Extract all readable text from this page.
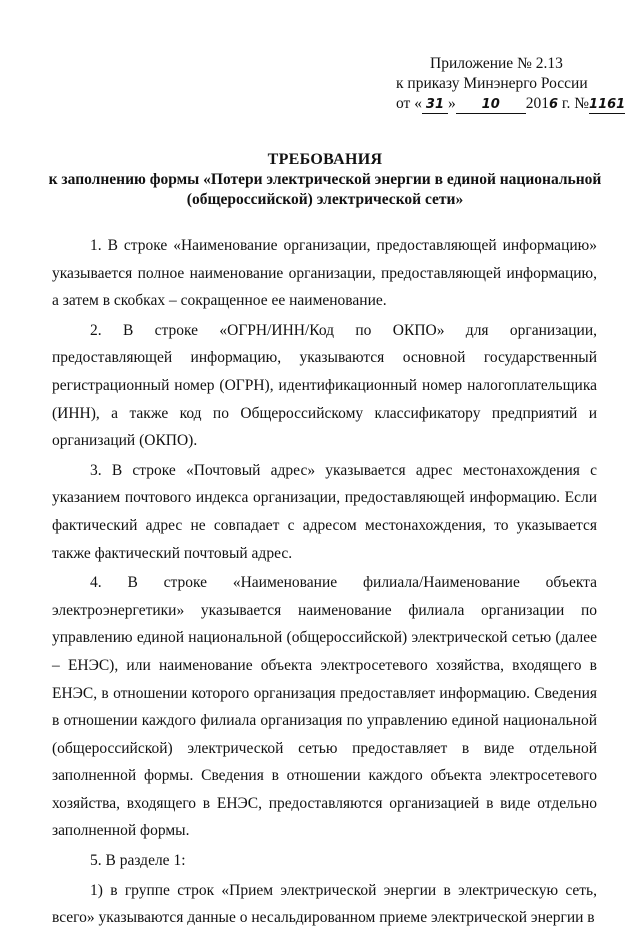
Приложение № 2.13
к приказу Минэнерго России
от « 31 » 10 2016 г. №1161
ТРЕБОВАНИЯ
к заполнению формы «Потери электрической энергии в единой национальной
(общероссийской) электрической сети»

1. В строке «Наименование организации, предоставляющей информацию» указывается полное наименование организации, предоставляющей информацию, а затем в скобках – сокращенное ее наименование.

2. В строке «ОГРН/ИНН/Код по ОКПО» для организации, предоставляющей информацию, указываются основной государственный регистрационный номер (ОГРН), идентификационный номер налогоплательщика (ИНН), а также код по Общероссийскому классификатору предприятий и организаций (ОКПО).

3. В строке «Почтовый адрес» указывается адрес местонахождения с указанием почтового индекса организации, предоставляющей информацию. Если фактический адрес не совпадает с адресом местонахождения, то указывается также фактический почтовый адрес.

4. В строке «Наименование филиала/Наименование объекта электроэнергетики» указывается наименование филиала организации по управлению единой национальной (общероссийской) электрической сетью (далее – ЕНЭС), или наименование объекта электросетевого хозяйства, входящего в ЕНЭС, в отношении которого организация предоставляет информацию. Сведения в отношении каждого филиала организация по управлению единой национальной (общероссийской) электрической сетью предоставляет в виде отдельной заполненной формы. Сведения в отношении каждого объекта электросетевого хозяйства, входящего в ЕНЭС, предоставляются организацией в виде отдельно заполненной формы.

5. В разделе 1:

1) в группе строк «Прием электрической энергии в электрическую сеть, всего» указываются данные о несальдированном приеме электрической энергии в
